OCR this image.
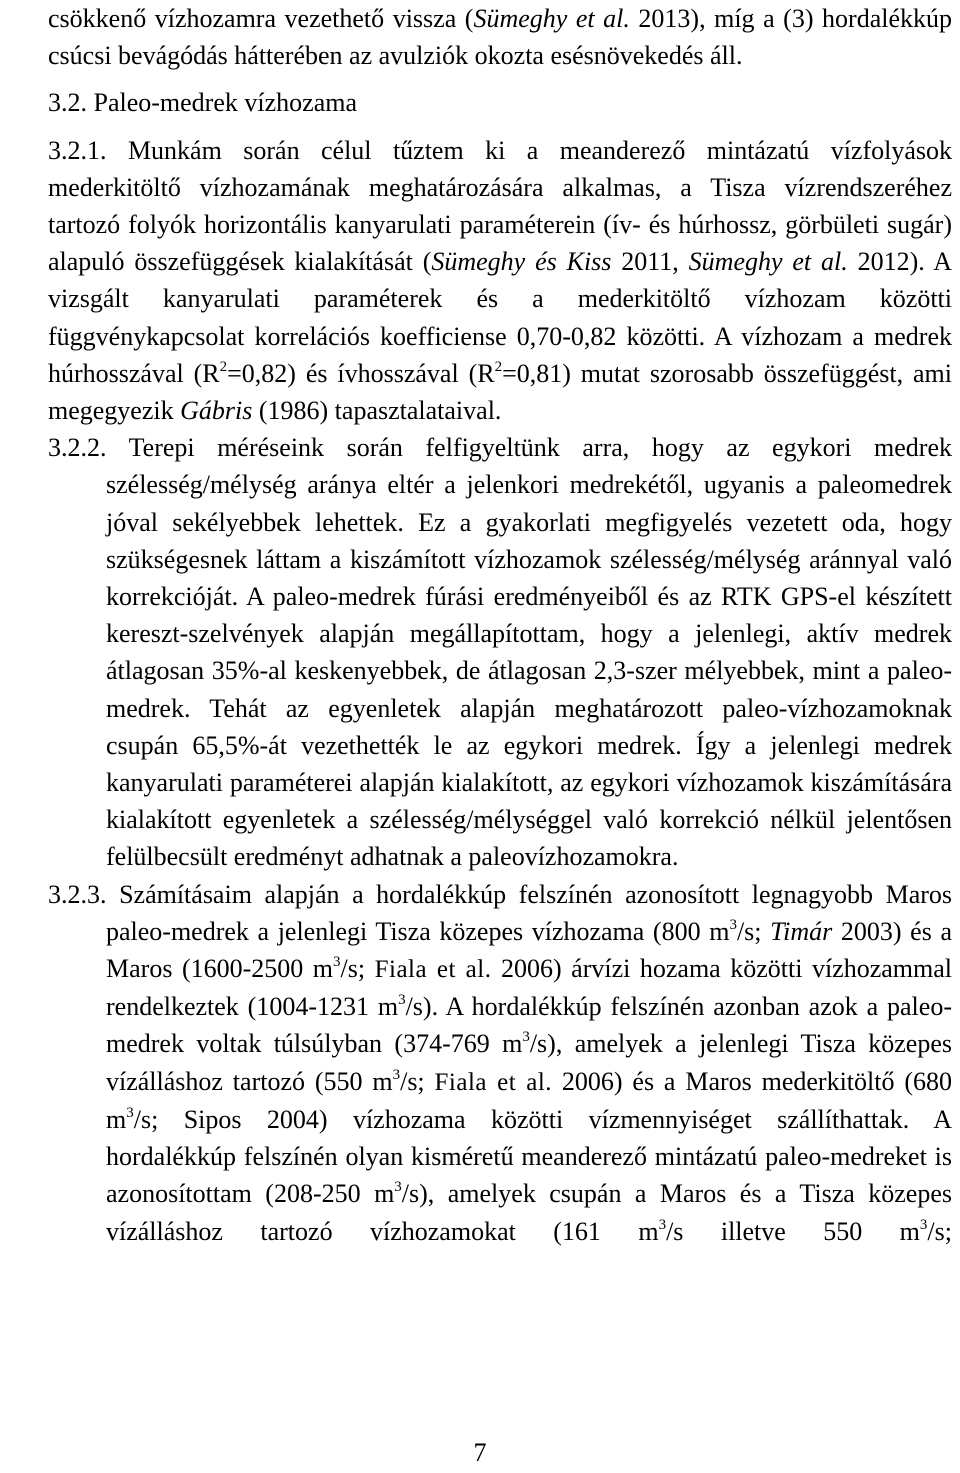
csökkenő vízhozamra vezethető vissza (Sümeghy et al. 2013), míg a (3) hordalékkúp csúcsi bevágódás hátterében az avulziók okozta esésnövekedés áll.

3.2. Paleo-medrek vízhozama

3.2.1. Munkám során célul tűztem ki a meanderező mintázatú vízfolyások mederkitöltő vízhozamának meghatározására alkalmas, a Tisza vízrendszeréhez tartozó folyók horizontális kanyarulati paraméterein (ív- és húrhossz, görbületi sugár) alapuló összefüggések kialakítását (Sümeghy és Kiss 2011, Sümeghy et al. 2012). A vizsgált kanyarulati paraméterek és a mederkitöltő vízhozam közötti függvénykapcsolat korrelációs koefficiense 0,70-0,82 közötti. A vízhozam a medrek húrhosszával $(R^2=0,82)$ és ívhosszával $(R^2=0,81)$ mutat szorosabb összefüggést, ami megegyezik Gábris (1986) tapasztalataival.

3.2.2. Terepi méréseink során felfigyeltünk arra, hogy az egykori medrek szélesség/mélység aránya eltér a jelenkori medrekétől, ugyanis a paleomedrek jóval sekélyebbek lehettek. Ez a gyakorlati megfigyelés vezetett oda, hogy szükségesnek láttam a kiszámított vízhozamok szélesség/mélység aránnyal való korrekcióját. A paleo-medrek fúrási eredményeiből és az RTK GPS-el készített kereszt-szelvények alapján megállapítottam, hogy a jelenlegi, aktív medrek átlagosan 35%-al keskenyebbek, de átlagosan 2,3-szer mélyebbek, mint a paleo-medrek. Tehát az egyenletek alapján meghatározott paleo-vízhozamoknak csupán 65,5%-át vezethették le az egykori medrek. Így a jelenlegi medrek kanyarulati paraméterei alapján kialakított, az egykori vízhozamok kiszámítására kialakított egyenletek a szélesség/mélységgel való korrekció nélkül jelentősen felülbecsült eredményt adhatnak a paleovízhozamokra.

3.2.3. Számításaim alapján a hordalékkúp felszínén azonosított legnagyobb Maros paleo-medrek a jelenlegi Tisza közepes vízhozama (800 $m^3/s$; Timár 2003) és a Maros (1600-2500 $m^3/s$; Fiala et al. 2006) árvízi hozama közötti vízhozammal rendelkeztek (1004-1231 $m^3/s$). A hordalékkúp felszínén azonban azok a paleo-medrek voltak túlsúlyban (374-769 $m^3/s$), amelyek a jelenlegi Tisza közepes vízálláshoz tartozó (550 $m^3/s$; Fiala et al. 2006) és a Maros mederkitöltő (680 $m^3/s$; Sipos 2004) vízhozama közötti vízmennyiséget szállíthattak. A hordalékkúp felszínén olyan kisméretű meanderező mintázatú paleo-medreket is azonosítottam (208-250 $m^3/s$), amelyek csupán a Maros és a Tisza közepes vízálláshoz tartozó vízhozamokat (161 $m^3/s$ illetve 550 $m^3/s$;

7
